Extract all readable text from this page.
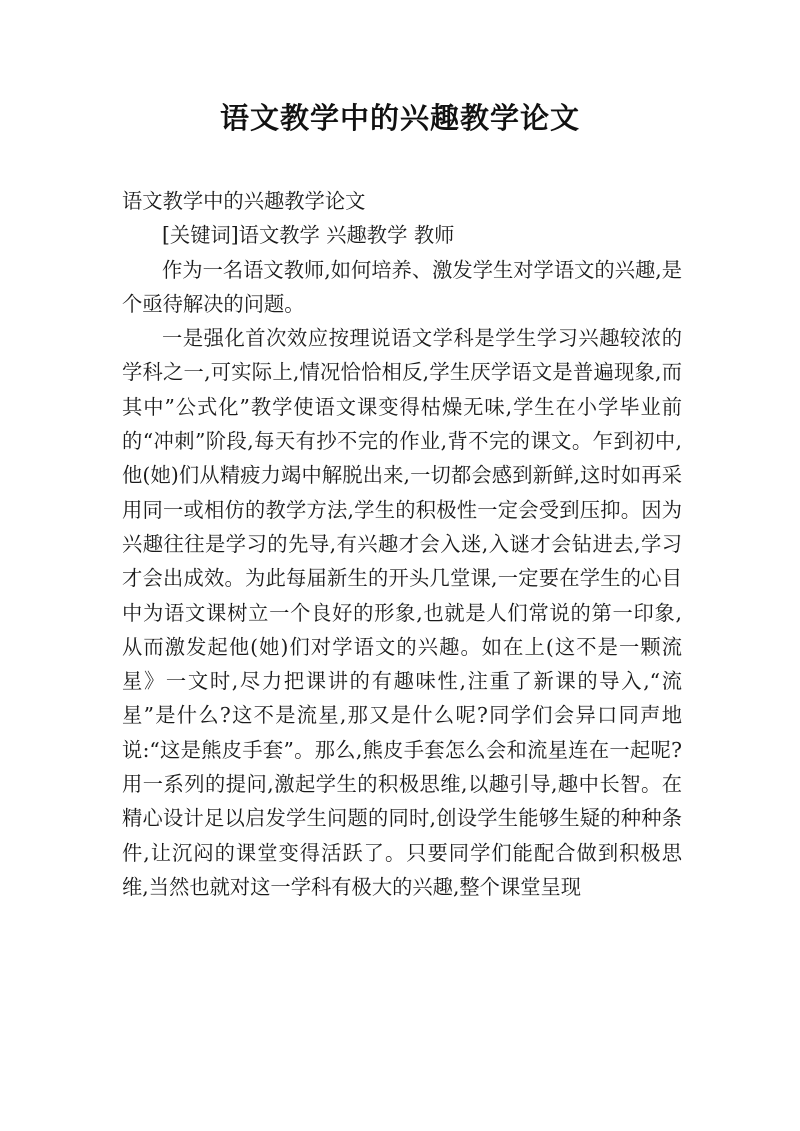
语文教学中的兴趣教学论文

语文教学中的兴趣教学论文

[关键词]语文教学 兴趣教学 教师

作为一名语文教师,如何培养、激发学生对学语文的兴趣,是个亟待解决的问题。

一是强化首次效应按理说语文学科是学生学习兴趣较浓的学科之一,可实际上,情况恰恰相反,学生厌学语文是普遍现象,而其中”公式化”教学使语文课变得枯燥无味,学生在小学毕业前的“冲刺”阶段,每天有抄不完的作业,背不完的课文。乍到初中,他(她)们从精疲力竭中解脱出来,一切都会感到新鲜,这时如再采用同一或相仿的教学方法,学生的积极性一定会受到压抑。因为兴趣往往是学习的先导,有兴趣才会入迷,入谜才会钻进去,学习才会出成效。为此每届新生的开头几堂课,一定要在学生的心目中为语文课树立一个良好的形象,也就是人们常说的第一印象,从而激发起他(她)们对学语文的兴趣。如在上(这不是一颗流星》一文时,尽力把课讲的有趣味性,注重了新课的导入,“流星”是什么?这不是流星,那又是什么呢?同学们会异口同声地说:“这是熊皮手套”。那么,熊皮手套怎么会和流星连在一起呢?用一系列的提问,激起学生的积极思维,以趣引导,趣中长智。在精心设计足以启发学生问题的同时,创设学生能够生疑的种种条件,让沉闷的课堂变得活跃了。只要同学们能配合做到积极思维,当然也就对这一学科有极大的兴趣,整个课堂呈现
